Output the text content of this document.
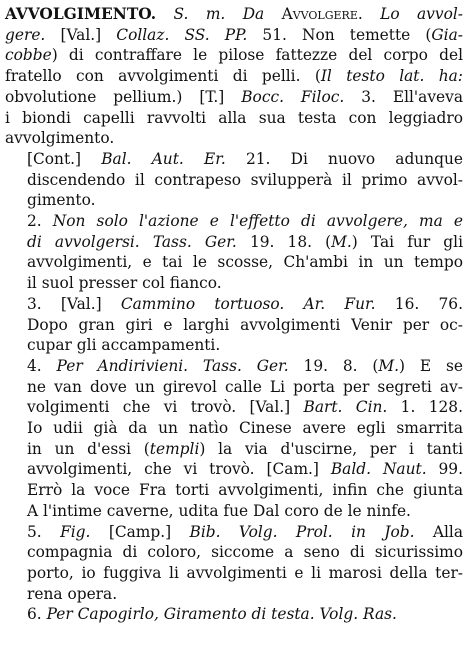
AVVOLGIMENTO. S. m. Da Avvolgere. Lo avvol-
gere. [Val.] Collaz. SS. PP. 51. Non temette (Gia-
cobbe) di contraffare le pilose fattezze del corpo del
fratello con avvolgimenti di pelli. (Il testo lat. ha:
obvolutione pellium.) [T.] Bocc. Filoc. 3. Ell'aveva
i biondi capelli ravvolti alla sua testa con leggiadro
avvolgimento.
[Cont.] Bal. Aut. Er. 21. Di nuovo adunque
discendendo il contrapeso svilupperà il primo avvol-
gimento.
2. Non solo l'azione e l'effetto di avvolgere, ma e
di avvolgersi. Tass. Ger. 19. 18. (M.) Tai fur gli
avvolgimenti, e tai le scosse, Ch'ambi in un tempo
il suol presser col fianco.
3. [Val.] Cammino tortuoso. Ar. Fur. 16. 76.
Dopo gran giri e larghi avvolgimenti Venir per oc-
cupar gli accampamenti.
4. Per Andirivieni. Tass. Ger. 19. 8. (M.) E se
ne van dove un girevol calle Li porta per segreti av-
volgimenti che vi trovò. [Val.] Bart. Cin. 1. 128.
Io udii già da un natìo Cinese avere egli smarrita
in un d'essi (templi) la via d'uscirne, per i tanti
avvolgimenti, che vi trovò. [Cam.] Bald. Naut. 99.
Errò la voce Fra torti avvolgimenti, infin che giunta
A l'intime caverne, udita fue Dal coro de le ninfe.
5. Fig. [Camp.] Bib. Volg. Prol. in Job. Alla
compagnia di coloro, siccome a seno di sicurissimo
porto, io fuggiva li avvolgimenti e li marosi della ter-
rena opera.
6. Per Capogirlo, Giramento di testa. Volg. Ras.
